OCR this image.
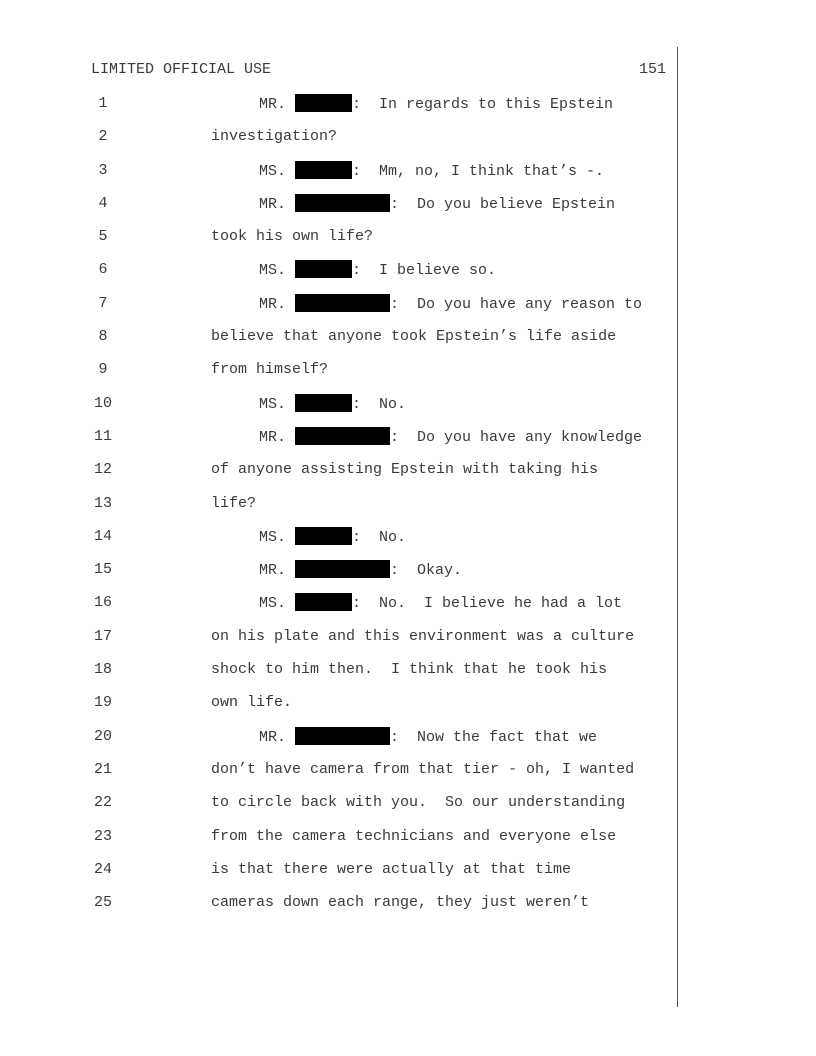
LIMITED OFFICIAL USE	151
1	MR.	:  In regards to this Epstein
2	investigation?
3	MS.	:  Mm, no, I think that’s -.
4	MR.	:  Do you believe Epstein
5	took his own life?
6	MS.	:  I believe so.
7	MR.	:  Do you have any reason to
8	believe that anyone took Epstein’s life aside
9	from himself?
10	MS.	:  No.
11	MR.	:  Do you have any knowledge
12	of anyone assisting Epstein with taking his
13	life?
14	MS.	:  No.
15	MR.	:  Okay.
16	MS.	:  No.  I believe he had a lot
17	on his plate and this environment was a culture
18	shock to him then.  I think that he took his
19	own life.
20	MR.	:  Now the fact that we
21	don’t have camera from that tier - oh, I wanted
22	to circle back with you.  So our understanding
23	from the camera technicians and everyone else
24	is that there were actually at that time
25	cameras down each range, they just weren’t
